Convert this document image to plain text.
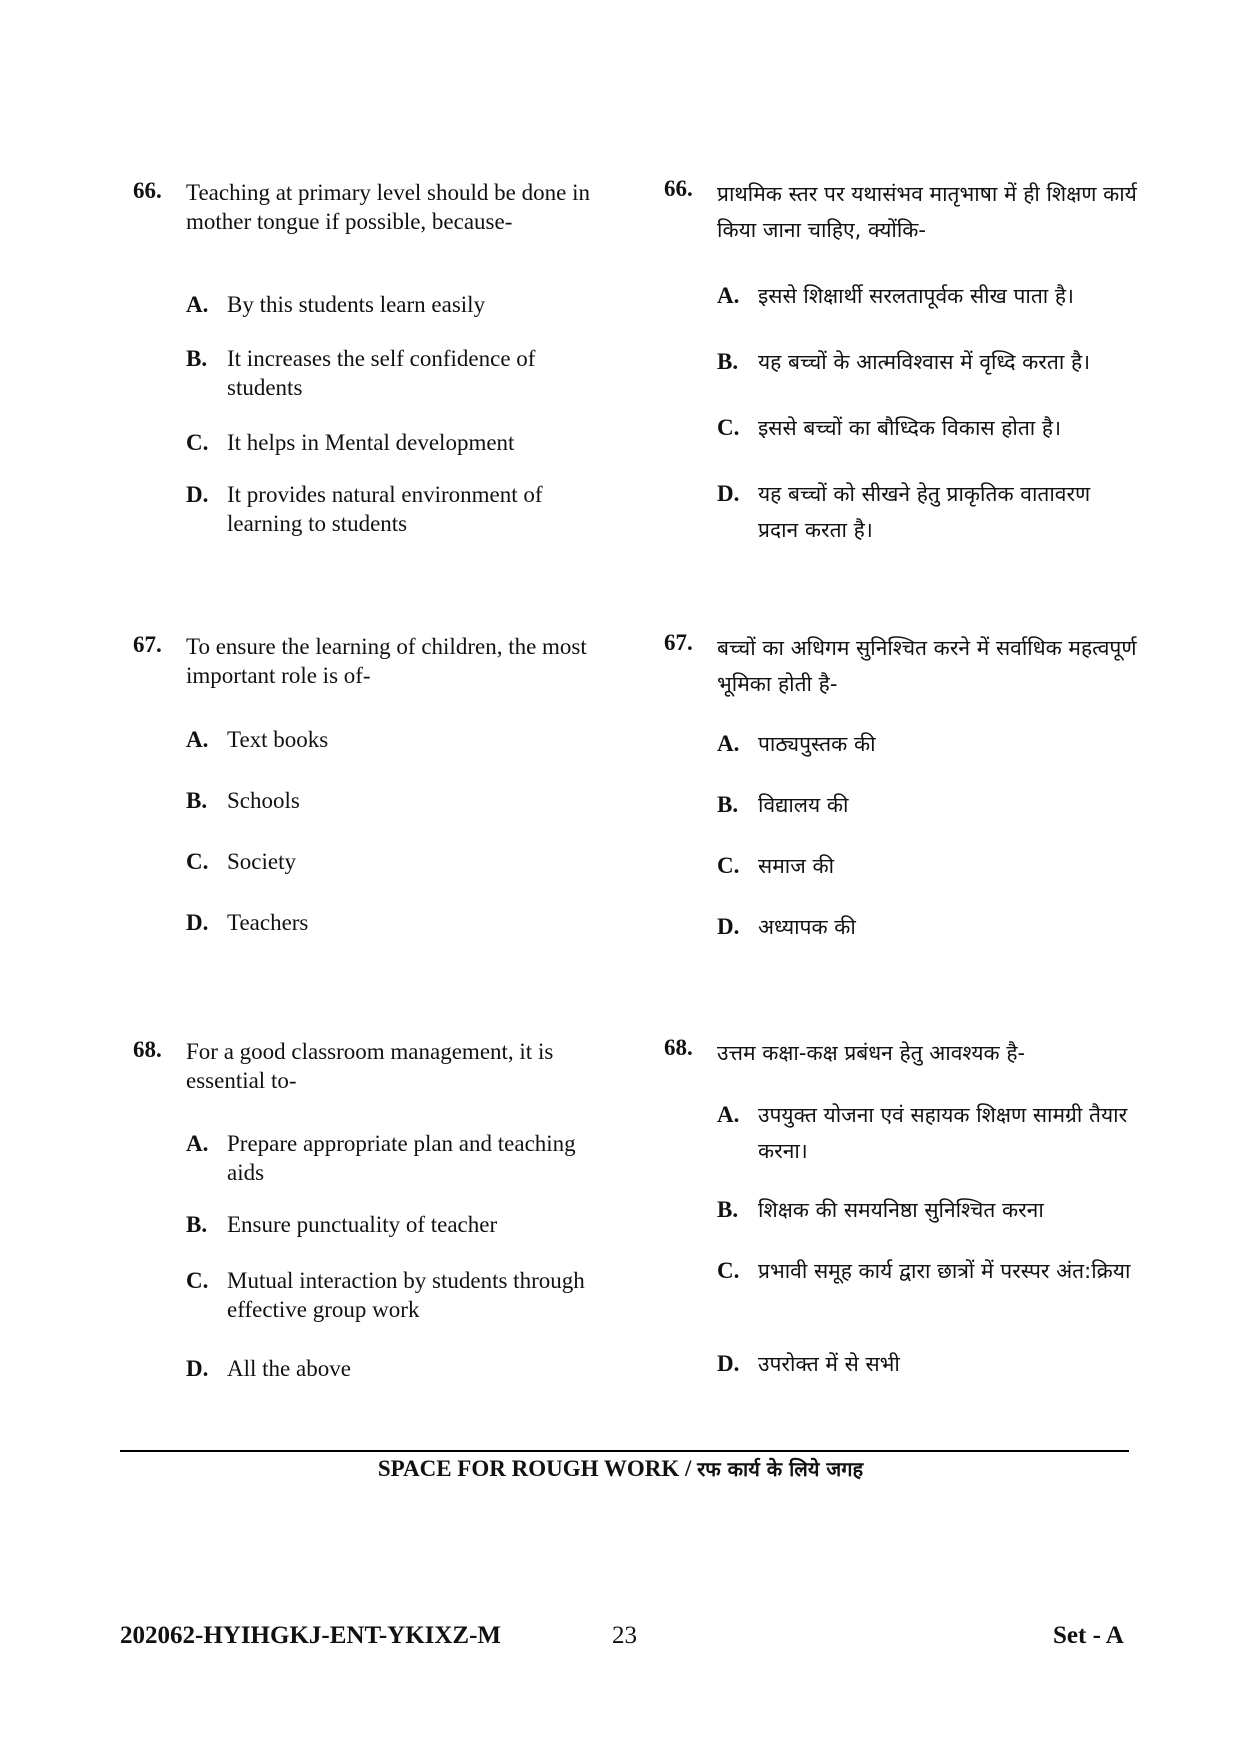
66. Teaching at primary level should be done in mother tongue if possible, because-
A. By this students learn easily
B. It increases the self confidence of students
C. It helps in Mental development
D. It provides natural environment of learning to students
67. To ensure the learning of children, the most important role is of-
A. Text books
B. Schools
C. Society
D. Teachers
68. For a good classroom management, it is essential to-
A. Prepare appropriate plan and teaching aids
B. Ensure punctuality of teacher
C. Mutual interaction by students through effective group work
D. All the above
66. प्राथमिक स्तर पर यथासंभव मातृभाषा में ही शिक्षण कार्य किया जाना चाहिए, क्योंकि-
A. इससे शिक्षार्थी सरलतापूर्वक सीख पाता है।
B. यह बच्चों के आत्मविश्वास में वृध्दि करता है।
C. इससे बच्चों का बौध्दिक विकास होता है।
D. यह बच्चों को सीखने हेतु प्राकृतिक वातावरण प्रदान करता है।
67. बच्चों का अधिगम सुनिश्चित करने में सर्वाधिक महत्वपूर्ण भूमिका होती है-
A. पाठ्यपुस्तक की
B. विद्यालय की
C. समाज की
D. अध्यापक की
68. उत्तम कक्षा-कक्ष प्रबंधन हेतु आवश्यक है-
A. उपयुक्त योजना एवं सहायक शिक्षण सामग्री तैयार करना।
B. शिक्षक की समयनिष्ठा सुनिश्चित करना
C. प्रभावी समूह कार्य द्वारा छात्रों में परस्पर अंत:क्रिया
D. उपरोक्त में से सभी
SPACE FOR ROUGH WORK / रफ कार्य के लिये जगह
202062-HYIHGKJ-ENT-YKIXZ-M	23	Set - A
